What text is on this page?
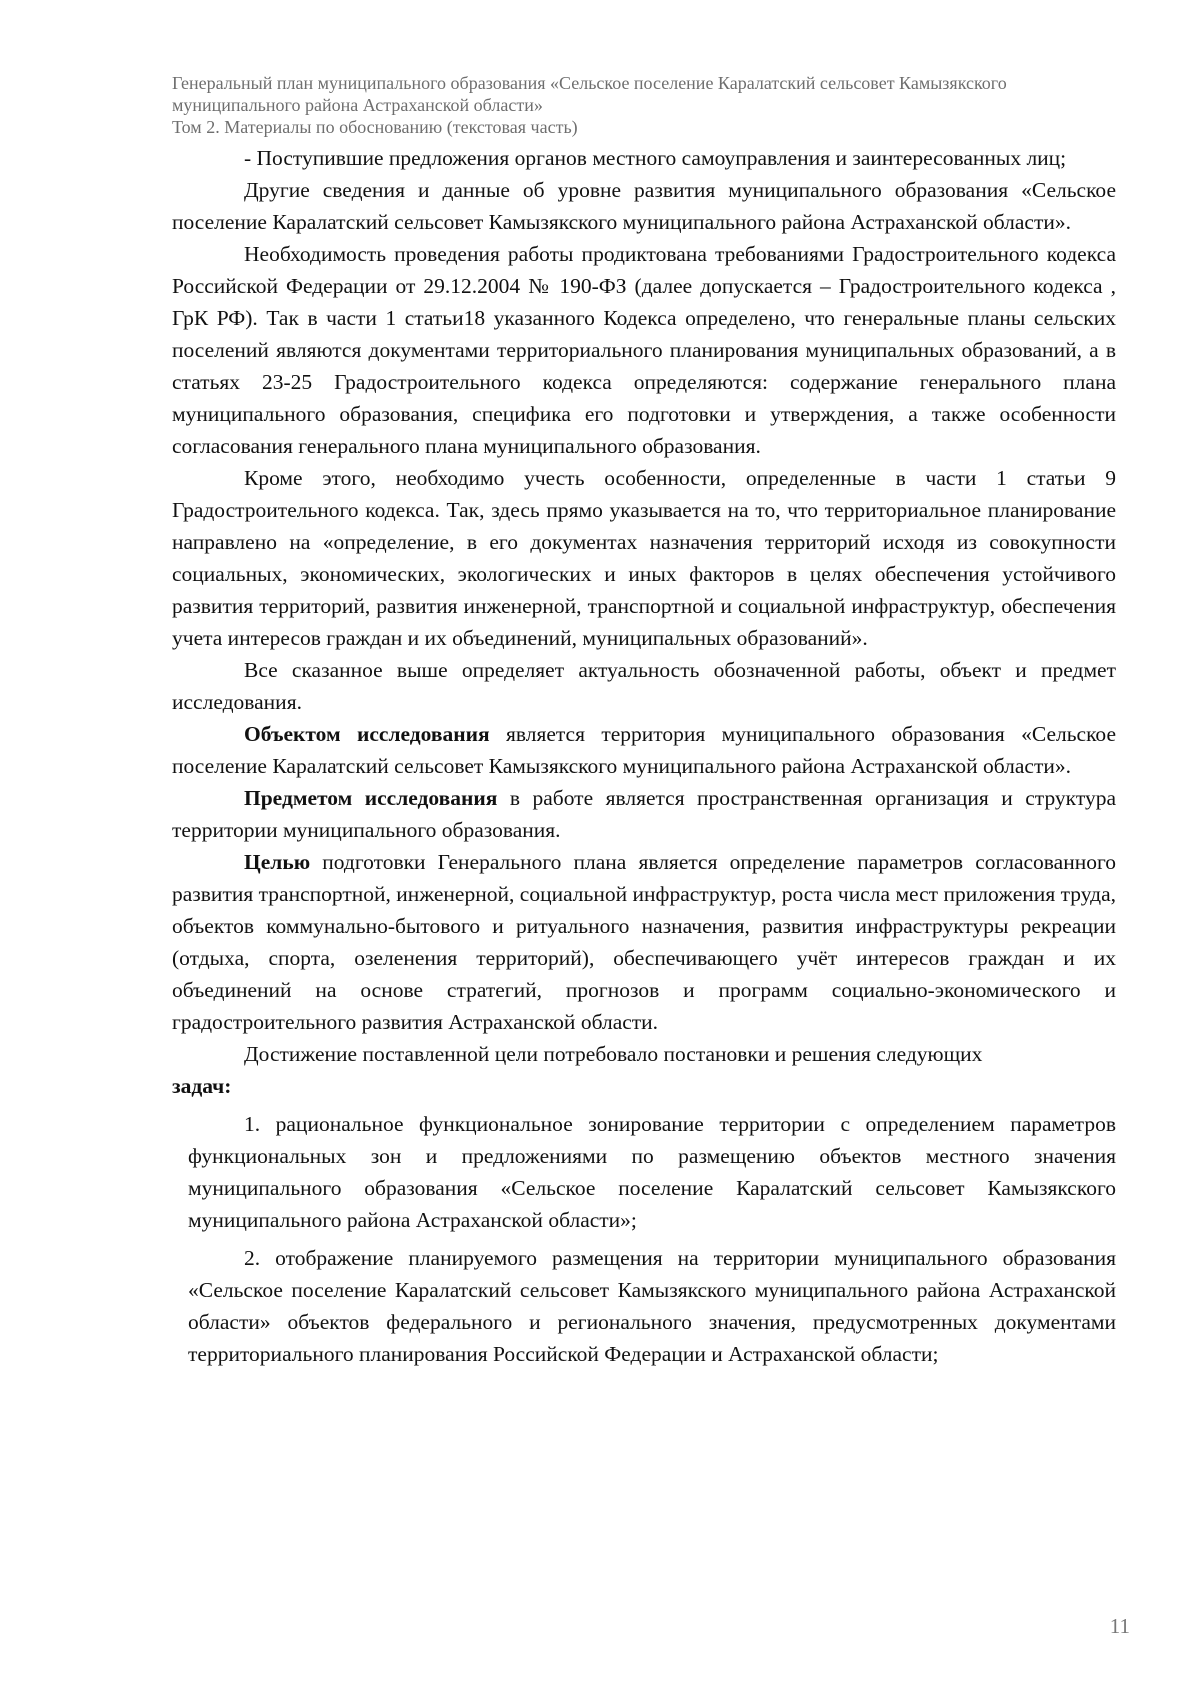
Генеральный план муниципального образования «Сельское поселение Каралатский сельсовет Камызякского
муниципального района Астраханской области»
Том 2. Материалы по обоснованию (текстовая часть)

- Поступившие предложения органов местного самоуправления и заинтересованных лиц;

Другие сведения и данные об уровне развития муниципального образования «Сельское поселение Каралатский сельсовет Камызякского муниципального района Астраханской области».

Необходимость проведения работы продиктована требованиями Градостроительного кодекса Российской Федерации от 29.12.2004 № 190-ФЗ (далее допускается – Градостроительного кодекса , ГрК РФ). Так в части 1 статьи18 указанного Кодекса определено, что генеральные планы сельских поселений являются документами территориального планирования муниципальных образований, а в статьях 23-25 Градостроительного кодекса определяются: содержание генерального плана муниципального образования, специфика его подготовки и утверждения, а также особенности согласования генерального плана муниципального образования.

Кроме этого, необходимо учесть особенности, определенные в части 1 статьи 9 Градостроительного кодекса. Так, здесь прямо указывается на то, что территориальное планирование направлено на «определение, в его документах назначения территорий исходя из совокупности социальных, экономических, экологических и иных факторов в целях обеспечения устойчивого развития территорий, развития инженерной, транспортной и социальной инфраструктур, обеспечения учета интересов граждан и их объединений, муниципальных образований».

Все сказанное выше определяет актуальность обозначенной работы, объект и предмет исследования.

Объектом исследования является территория муниципального образования «Сельское поселение Каралатский сельсовет Камызякского муниципального района Астраханской области».

Предметом исследования в работе является пространственная организация и структура территории муниципального образования.

Целью подготовки Генерального плана является определение параметров согласованного развития транспортной, инженерной, социальной инфраструктур, роста числа мест приложения труда, объектов коммунально-бытового и ритуального назначения, развития инфраструктуры рекреации (отдыха, спорта, озеленения территорий), обеспечивающего учёт интересов граждан и их объединений на основе стратегий, прогнозов и программ социально-экономического и градостроительного развития Астраханской области.

Достижение поставленной цели потребовало постановки и решения следующих

задач:

1. рациональное функциональное зонирование территории с определением параметров функциональных зон и предложениями по размещению объектов местного значения муниципального образования «Сельское поселение Каралатский сельсовет Камызякского муниципального района Астраханской области»;

2. отображение планируемого размещения на территории муниципального образования «Сельское поселение Каралатский сельсовет Камызякского муниципального района Астраханской области» объектов федерального и регионального значения, предусмотренных документами территориального планирования Российской Федерации и Астраханской области;

11
